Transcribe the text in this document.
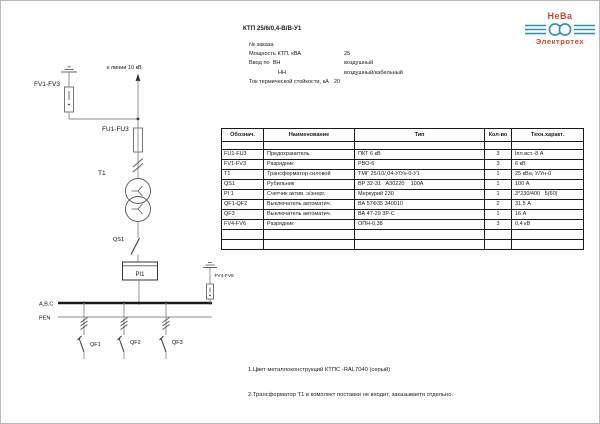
НеВа
Электротех
КТП 25/6/0,4-В/В-У1
№ заказа
Мощность КТП, кВА	25
Ввод по  ВН	воздушный
НН	воздушный/кабельный
Ток термической стойкости, кА 20
к линии 10 кВ
FV1-FV3
FU1-FU3
T1
QS1
PI1
A,B,C
PEN
QF1	QF2	QF3
FV4-FV6
Обознач.	Наименование	Тип	Кол-во	Техн.характ.
FU1-FU3	Предохранитель	ПКТ 6 кВ	3	Iпл.вст.-8 А
FV1-FV3	Разрядник	РВО-6	3	6 кВ
T1	Трансформатор силовой	ТМГ 25/10/,04-У/Ун-0-У1	1	25 кВа, У/Ун-0
QS1	Рубильник	ВР 32-31   А30220    100А	1	100 А
PI 1	Счетчик актив. э/энерг.	Меркурий 230	1	3*230/400   5(60)
QF1-QF2	Выключатель автоматич.	ВА 57Ф35 340010	2	31,5 А
QF3	Выключатель автоматич.	ВА 47-29 3Р-С	1	16 А
FV4-FV6	Разрядник	ОПН-0,38	3	0,4 кВ

1.Цвет металлоконструкций КТПС -RAL7040 (серый)

2.Трансформатор Т1 в комплект поставки не входит, заказываетя отдельно.
